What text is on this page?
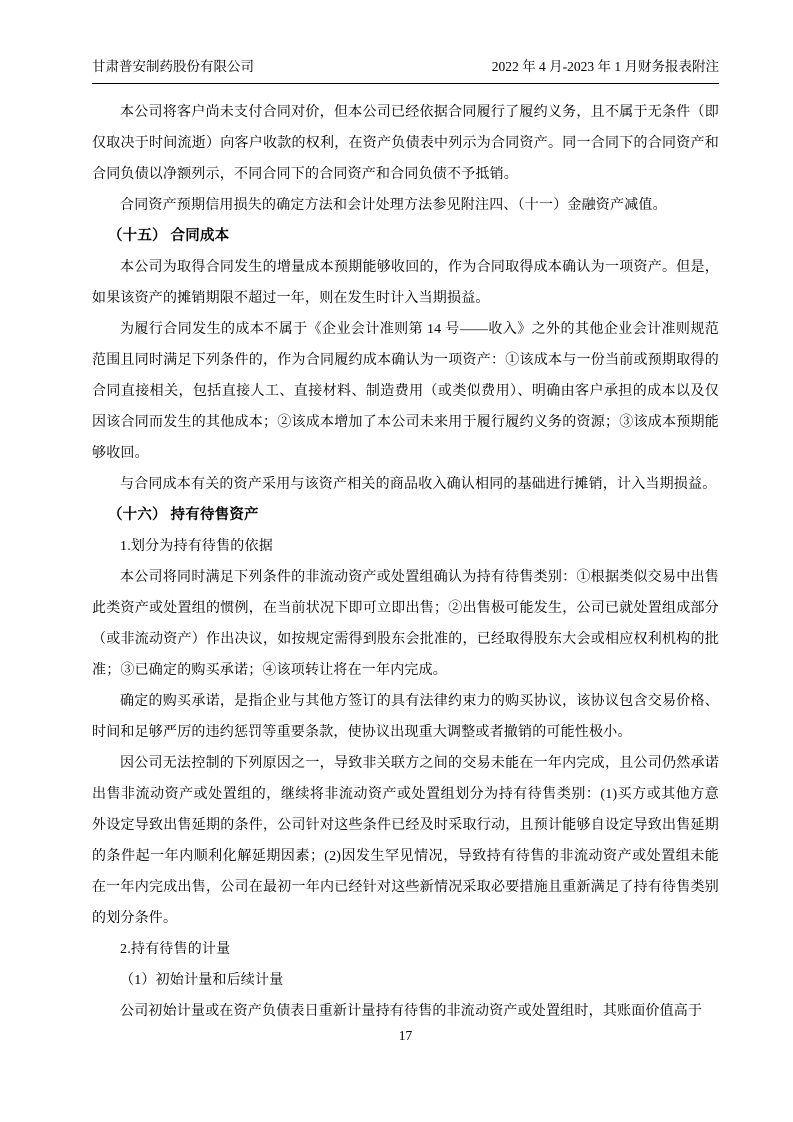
甘肃普安制药股份有限公司	2022 年 4 月-2023 年 1 月财务报表附注

本公司将客户尚未支付合同对价，但本公司已经依据合同履行了履约义务，且不属于无条件（即仅取决于时间流逝）向客户收款的权利，在资产负债表中列示为合同资产。同一合同下的合同资产和合同负债以净额列示，不同合同下的合同资产和合同负债不予抵销。

合同资产预期信用损失的确定方法和会计处理方法参见附注四、（十一）金融资产减值。

（十五） 合同成本

本公司为取得合同发生的增量成本预期能够收回的，作为合同取得成本确认为一项资产。但是，如果该资产的摊销期限不超过一年，则在发生时计入当期损益。

为履行合同发生的成本不属于《企业会计准则第 14 号——收入》之外的其他企业会计准则规范范围且同时满足下列条件的，作为合同履约成本确认为一项资产：①该成本与一份当前或预期取得的合同直接相关，包括直接人工、直接材料、制造费用（或类似费用）、明确由客户承担的成本以及仅因该合同而发生的其他成本；②该成本增加了本公司未来用于履行履约义务的资源；③该成本预期能够收回。

与合同成本有关的资产采用与该资产相关的商品收入确认相同的基础进行摊销，计入当期损益。

（十六） 持有待售资产

1.划分为持有待售的依据

本公司将同时满足下列条件的非流动资产或处置组确认为持有待售类别：①根据类似交易中出售此类资产或处置组的惯例，在当前状况下即可立即出售；②出售极可能发生，公司已就处置组成部分（或非流动资产）作出决议，如按规定需得到股东会批准的，已经取得股东大会或相应权利机构的批准；③已确定的购买承诺；④该项转让将在一年内完成。

确定的购买承诺，是指企业与其他方签订的具有法律约束力的购买协议，该协议包含交易价格、时间和足够严厉的违约惩罚等重要条款，使协议出现重大调整或者撤销的可能性极小。

因公司无法控制的下列原因之一，导致非关联方之间的交易未能在一年内完成，且公司仍然承诺出售非流动资产或处置组的，继续将非流动资产或处置组划分为持有待售类别：(1)买方或其他方意外设定导致出售延期的条件，公司针对这些条件已经及时采取行动，且预计能够自设定导致出售延期的条件起一年内顺利化解延期因素；(2)因发生罕见情况，导致持有待售的非流动资产或处置组未能在一年内完成出售，公司在最初一年内已经针对这些新情况采取必要措施且重新满足了持有待售类别的划分条件。

2.持有待售的计量

（1）初始计量和后续计量

公司初始计量或在资产负债表日重新计量持有待售的非流动资产或处置组时，其账面价值高于

17
